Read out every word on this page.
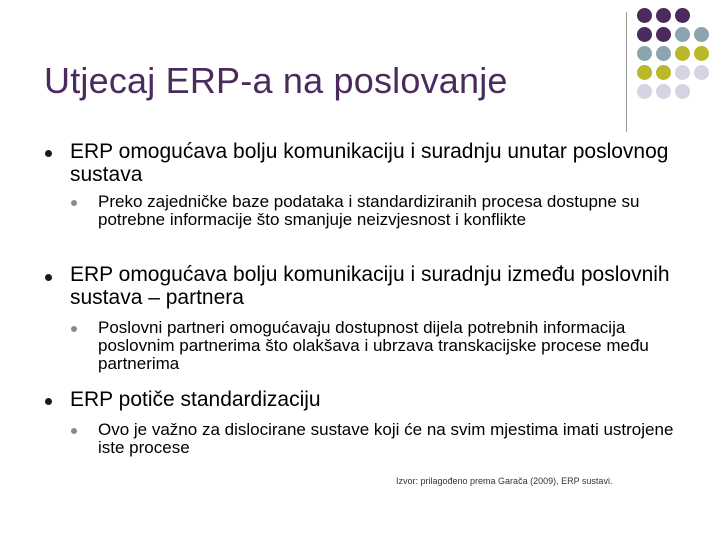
Utjecaj ERP-a na poslovanje
ERP omogućava bolju komunikaciju i suradnju unutar poslovnog sustava
Preko zajedničke baze podataka i standardiziranih procesa dostupne su potrebne informacije što smanjuje neizvjesnost i konflikte
ERP omogućava bolju komunikaciju i suradnju između poslovnih sustava – partnera
Poslovni partneri omogućavaju dostupnost dijela potrebnih informacija poslovnim partnerima što olakšava i ubrzava transkacijske procese među partnerima
ERP potiče standardizaciju
Ovo je važno za dislocirane sustave koji će na svim mjestima imati ustrojene iste procese
Izvor: prilagođeno prema Garača (2009), ERP sustavi.
